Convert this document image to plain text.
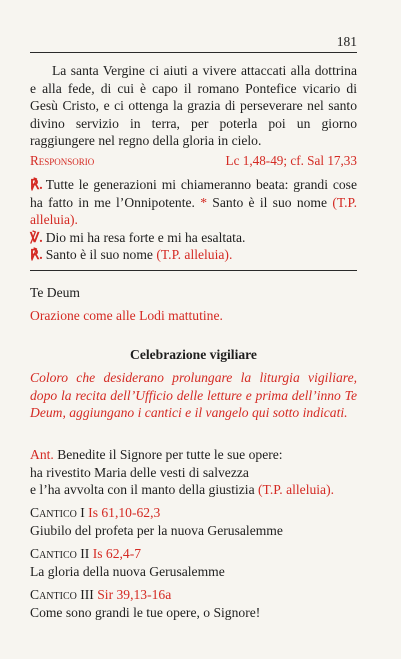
181
La santa Vergine ci aiuti a vivere attaccati alla dottrina e alla fede, di cui è capo il romano Pontefice vicario di Gesù Cristo, e ci ottenga la grazia di perseverare nel santo divino servizio in terra, per poterla poi un giorno raggiungere nel regno della gloria in cielo.
Responsorio	Lc 1,48-49; cf. Sal 17,33

℟. Tutte le generazioni mi chiameranno beata: grandi cose ha fatto in me l’Onnipotente. * Santo è il suo nome (T.P. alleluia).

℣. Dio mi ha resa forte e mi ha esaltata.

℟. Santo è il suo nome (T.P. alleluia).

Te Deum
Orazione come alle Lodi mattutine.
Celebrazione vigiliare
Coloro che desiderano prolungare la liturgia vigiliare, dopo la recita dell’Ufficio delle letture e prima dell’inno Te Deum, aggiungano i cantici e il vangelo qui sotto indicati.

Ant. Benedite il Signore per tutte le sue opere:

ha rivestito Maria delle vesti di salvezza

e l’ha avvolta con il manto della giustizia (T.P. alleluia).

Cantico I Is 61,10-62,3

Giubilo del profeta per la nuova Gerusalemme

Cantico II Is 62,4-7

La gloria della nuova Gerusalemme

Cantico III Sir 39,13-16a

Come sono grandi le tue opere, o Signore!
